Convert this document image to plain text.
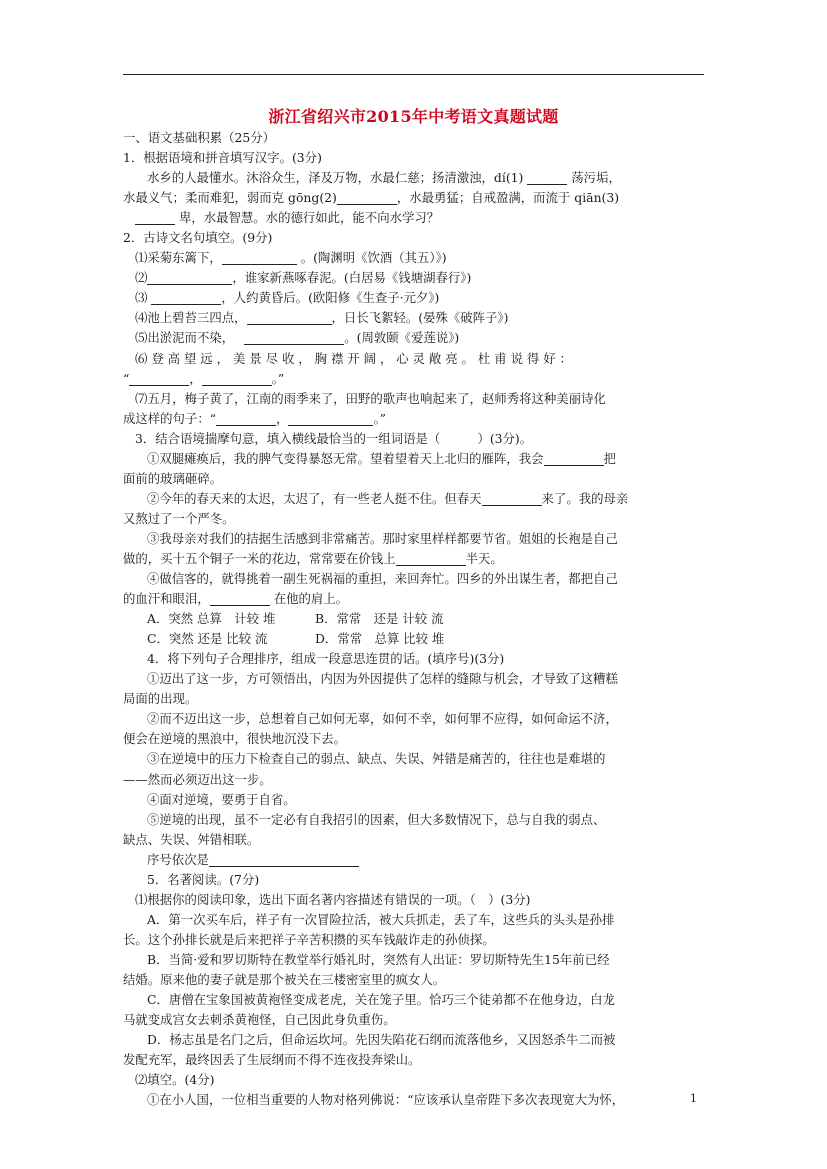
浙江省绍兴市2015年中考语文真题试题

一、语文基础积累（25分）

1．根据语境和拼音填写汉字。(3分)

水乡的人最懂水。沐浴众生，泽及万物，水最仁慈；扬清激浊，dí(1)	荡污垢，

水最义气；柔而难犯，弱而克 gōng(2)	，水最勇猛；自戒盈满，而流于 qiān(3)

卑，水最智慧。水的德行如此，能不向水学习？

2．古诗文名句填空。(9分)

⑴采菊东篱下，	。(陶渊明《饮酒（其五）》)

⑵	，谁家新燕啄春泥。(白居易《钱塘湖春行》)

⑶	，人约黄昏后。(欧阳修《生查子·元夕》)

⑷池上碧苔三四点，	，日长飞絮轻。(晏殊《破阵子》)

⑸出淤泥而不染，　	。(周敦颐《爱莲说》)

⑹ 登 高 望 远 ， 美 景 尽 收 ， 胸 襟 开 阔 ， 心 灵 敞 亮 。 杜 甫 说 得 好 ：

“	，	。”

⑺五月，梅子黄了，江南的雨季来了，田野的歌声也响起来了，赵师秀将这种美丽诗化

成这样的句子：“	，	。”

3．结合语境揣摩句意，填入横线最恰当的一组词语是（　　　）(3分)。

①双腿瘫痪后，我的脾气变得暴怒无常。望着望着天上北归的雁阵，我会	把

面前的玻璃砸碎。

②今年的春天来的太迟，太迟了，有一些老人挺不住。但春天	来了。我的母亲

又熬过了一个严冬。

③我母亲对我们的拮据生活感到非常痛苦。那时家里样样都要节省。姐姐的长袍是自己

做的，买十五个铜子一米的花边，常常要在价钱上	半天。

④做信客的，就得挑着一副生死祸福的重担，来回奔忙。四乡的外出谋生者，都把自己

的血汗和眼泪，	在他的肩上。

A．突然 总算　计较 堆	B．常常　还是 计较 流

C．突然 还是 比较 流	D．常常　总算 比较 堆

4．将下列句子合理排序，组成一段意思连贯的话。(填序号)(3分)

①迈出了这一步，方可领悟出，内因为外因提供了怎样的缝隙与机会，才导致了这糟糕

局面的出现。

②而不迈出这一步，总想着自己如何无辜，如何不幸，如何罪不应得，如何命运不济，

便会在逆境的黑浪中，很快地沉没下去。

③在逆境中的压力下检查自己的弱点、缺点、失误、舛错是痛苦的，往往也是难堪的

——然而必须迈出这一步。

④面对逆境，要勇于自省。

⑤逆境的出现，虽不一定必有自我招引的因素，但大多数情况下，总与自我的弱点、

缺点、失误、舛错相联。

序号依次是

5．名著阅读。(7分)

⑴根据你的阅读印象，选出下面名著内容描述有错误的一项。（　）(3分)

A．第一次买车后，祥子有一次冒险拉活，被大兵抓走，丢了车，这些兵的头头是孙排

长。这个孙排长就是后来把祥子辛苦积攒的买车钱敲诈走的孙侦探。

B．当简·爱和罗切斯特在教堂举行婚礼时，突然有人出证：罗切斯特先生15年前已经

结婚。原来他的妻子就是那个被关在三楼密室里的疯女人。

C．唐僧在宝象国被黄袍怪变成老虎，关在笼子里。恰巧三个徒弟都不在他身边，白龙

马就变成宫女去刺杀黄袍怪，自己因此身负重伤。

D．杨志虽是名门之后，但命运坎坷。先因失陷花石纲而流落他乡，又因怒杀牛二而被

发配充军，最终因丢了生辰纲而不得不连夜投奔梁山。

⑵填空。(4分)

①在小人国，一位相当重要的人物对格列佛说：“应该承认皇帝陛下多次表现宽大为怀，	1
